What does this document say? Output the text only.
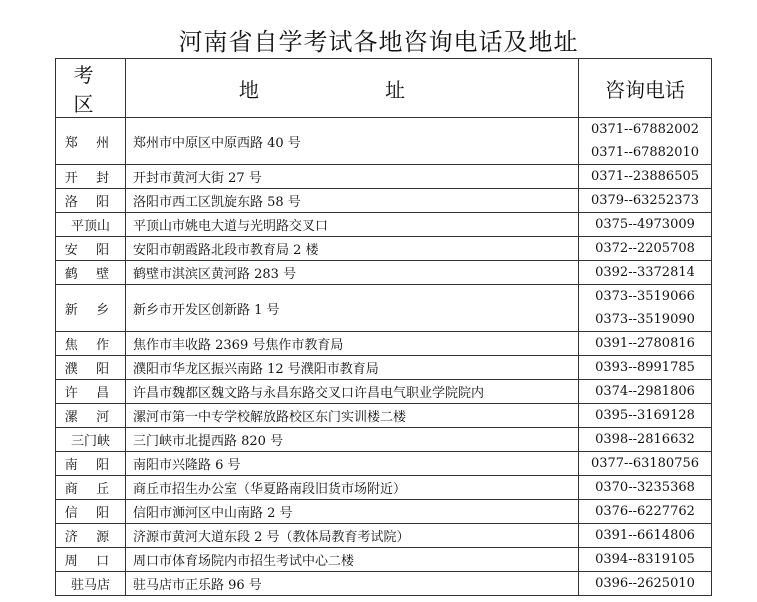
河南省自学考试各地咨询电话及地址
考 区	地 址	咨询电话
郑 州	郑州市中原区中原西路 40 号	0371--67882002
0371--67882010

开 封	开封市黄河大街 27 号	0371--23886505

洛 阳	洛阳市西工区凯旋东路 58 号	0379--63252373

平顶山	平顶山市姚电大道与光明路交叉口	0375--4973009

安 阳	安阳市朝霞路北段市教育局 2 楼	0372--2205708

鹤 壁	鹤壁市淇滨区黄河路 283 号	0392--3372814

新 乡	新乡市开发区创新路 1 号	0373--3519066
0373--3519090

焦 作	焦作市丰收路 2369 号焦作市教育局	0391--2780816

濮 阳	濮阳市华龙区振兴南路 12 号濮阳市教育局	0393--8991785

许 昌	许昌市魏都区魏文路与永昌东路交叉口许昌电气职业学院院内	0374--2981806

漯 河	漯河市第一中专学校解放路校区东门实训楼二楼	0395--3169128

三门峡	三门峡市北提西路 820 号	0398--2816632

南 阳	南阳市兴隆路 6 号	0377--63180756

商 丘	商丘市招生办公室（华夏路南段旧货市场附近）	0370--3235368

信 阳	信阳市浉河区中山南路 2 号	0376--6227762

济 源	济源市黄河大道东段 2 号（教体局教育考试院）	0391--6614806

周 口	周口市体育场院内市招生考试中心二楼	0394--8319105

驻马店	驻马店市正乐路 96 号	0396--2625010
